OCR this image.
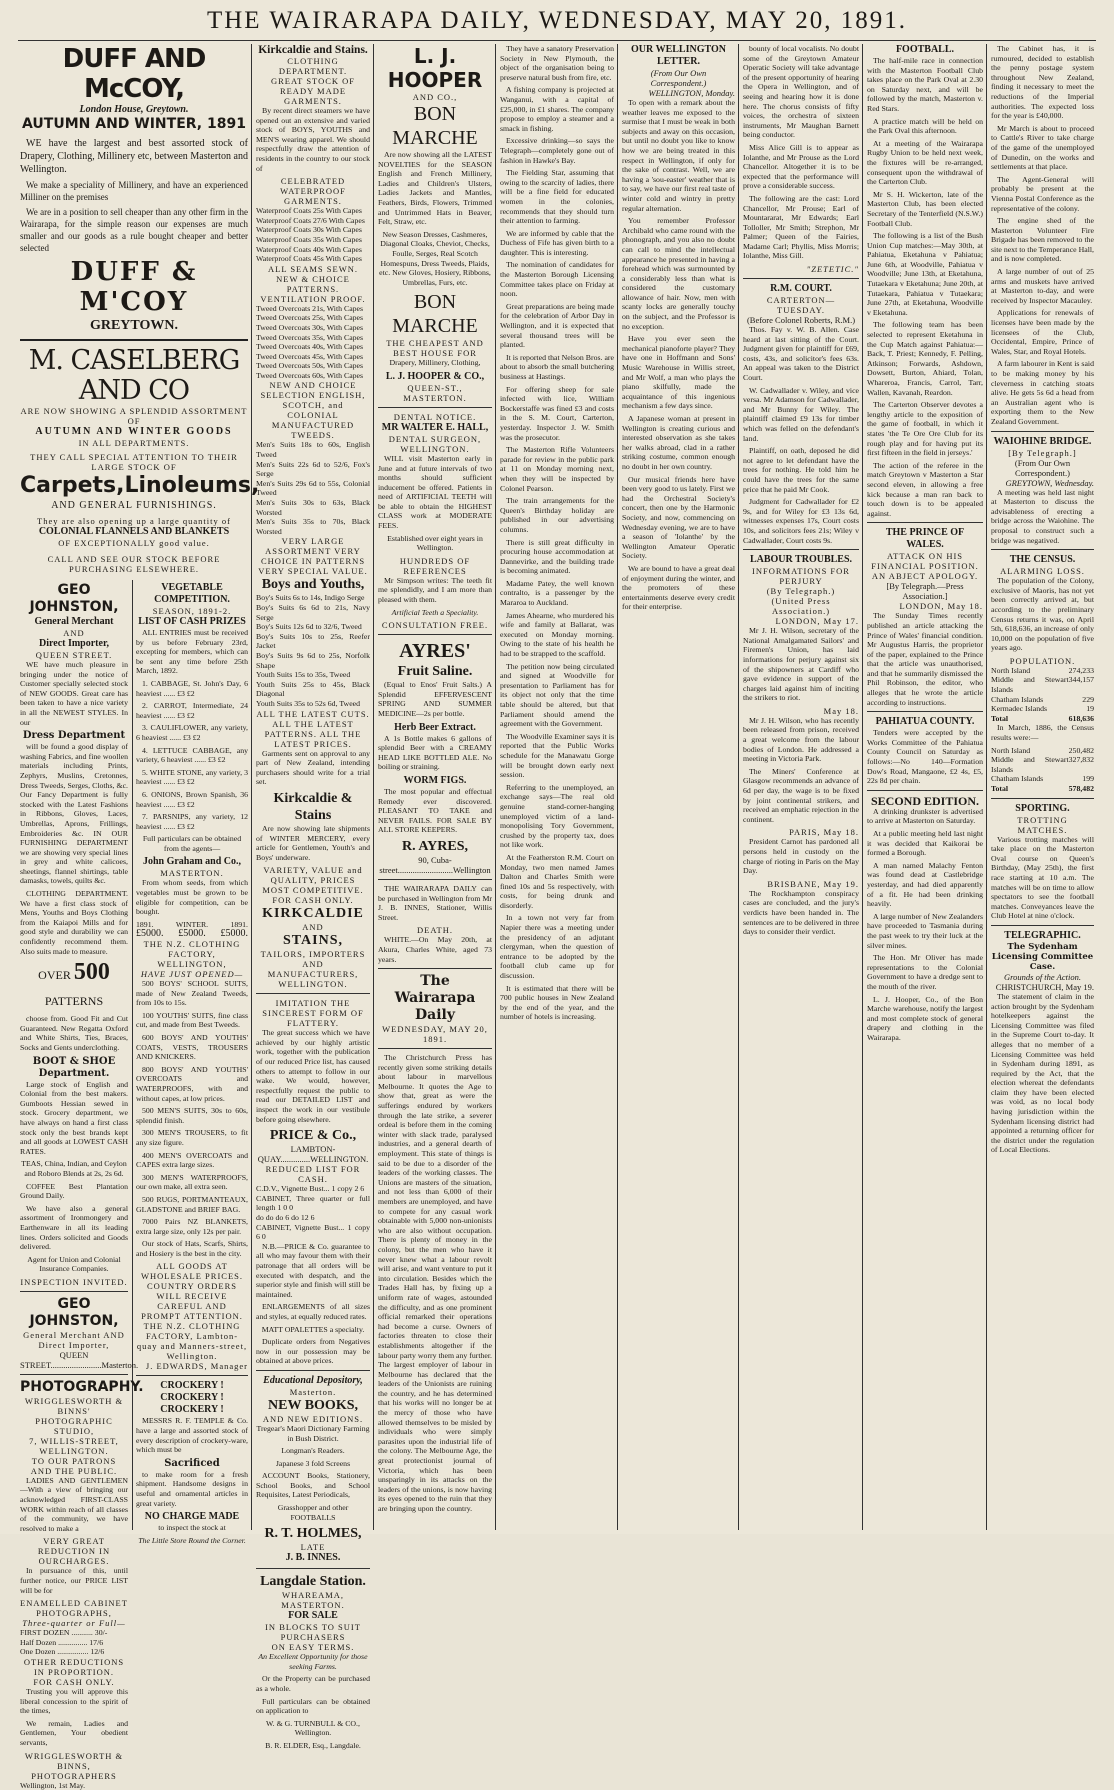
THE WAIRARAPA DAILY, WEDNESDAY, MAY 20, 1891.
DUFF AND McCOY,
London House, Greytown.
AUTUMN AND WINTER, 1891

WE have the largest and best assorted stock of Drapery, Clothing, Millinery etc, between Masterton and Wellington.

We make a speciality of Millinery, and have an experienced Milliner on the premises

We are in a position to sell cheaper than any other firm in the Wairarapa, for the simple reason our expenses are much smaller and our goods as a rule bought cheaper and better selected

DUFF & M'COY
GREYTOWN.
M. CASELBERG AND CO
ARE NOW SHOWING A SPLENDID ASSORTMENT OF
AUTUMN AND WINTER GOODS
IN ALL DEPARTMENTS.
THEY CALL SPECIAL ATTENTION TO THEIR LARGE STOCK OF
Carpets, Linoleums,
AND GENERAL FURNISHINGS.
They are also opening up a large quantity of
COLONIAL FLANNELS AND BLANKETS
OF EXCEPTIONALLY good value.
CALL AND SEE OUR STOCK BEFORE PURCHASING ELSEWHERE.
GEO JOHNSTON,
General Merchant
AND
Direct Importer,
QUEEN STREET.

WE have much pleasure in bringing under the notice of Customer specially selected stock of NEW GOODS. Great care has been taken to have a nice variety in all the NEWEST STYLES. In our

Dress Department

will be found a good display of washing Fabrics, and fine woollen materials including Prints, Zephyrs, Muslins, Cretonnes, Dress Tweeds, Serges, Cloths, &c. Our Fancy Department is fully stocked with the Latest Fashions in Ribbons, Gloves, Laces, Umbrellas, Aprons, Frillings, Embroideries &c. IN OUR FURNISHING DEPARTMENT we are showing very special lines in grey and white calicoes, sheetings, flannel shirtings, table damasks, towels, quilts &c.

CLOTHING DEPARTMENT. We have a first class stock of Mens, Youths and Boys Clothing from the Kaiapoi Mills and for good style and durability we can confidently recommend them. Also suits made to measure.

OVER 500 PATTERNS

choose from. Good Fit and Cut Guaranteed. New Regatta Oxford and White Shirts, Ties, Braces, Socks and Gents underclothing.

BOOT & SHOE Department.

Large stock of English and Colonial from the best makers. Gumboots Hessian sewed in stock. Grocery department, we have always on hand a first class stock only the best brands kept and all goods at LOWEST CASH RATES.

TEAS, China, Indian, and Ceylon and Roboro Blends at 2s, 2s 6d.

COFFEE Best Plantation Ground Daily.

We have also a general assortment of Ironmongery and Earthenware in all its leading lines. Orders solicited and Goods delivered.

Agent for Union and Colonial Insurance Companies.

INSPECTION INVITED.
GEO JOHNSTON,
General Merchant AND Direct Importer,
QUEEN STREET........................Masterton.
PHOTOGRAPHY.
WRIGGLESWORTH & BINNS'
PHOTOGRAPHIC STUDIO,
7, WILLIS-STREET, WELLINGTON.
TO OUR PATRONS AND THE PUBLIC.

LADIES AND GENTLEMEN—With a view of bringing our acknowledged FIRST-CLASS WORK within reach of all classes of the community, we have resolved to make a

VERY GREAT REDUCTION IN OURCHARGES.

In pursuance of this, until further notice, our PRICE LIST will be for

ENAMELLED CABINET PHOTOGRAPHS,
Three-quarter or Full—
FIRST DOZEN ........... 30/-
Half Dozen ............... 17/6
One Dozen ................ 12/6
OTHER REDUCTIONS IN PROPORTION.
FOR CASH ONLY.

Trusting you will approve this liberal concession to the spirit of the times,

We remain, Ladies and Gentlemen, Your obedient servants,

WRIGGLESWORTH & BINNS,
PHOTOGRAPHERS
Wellington, 1st May.
VEGETABLE COMPETITION.
SEASON, 1891-2.
LIST OF CASH PRIZES

ALL ENTRIES must be received by us before February 23rd, excepting for members, which can be sent any time before 25th March, 1892.

1. CABBAGE, St. John's Day, 6 heaviest ...... £3 £2

2. CARROT, Intermediate, 24 heaviest ...... £3 £2

3. CAULIFLOWER, any variety, 6 heaviest ...... £3 £2

4. LETTUCE CABBAGE, any variety, 6 heaviest ...... £3 £2

5. WHITE STONE, any variety, 3 heaviest ...... £3 £2

6. ONIONS, Brown Spanish, 36 heaviest ...... £3 £2

7. PARSNIPS, any variety, 12 heaviest ...... £3 £2

Full particulars can be obtained from the agents—

John Graham and Co.,
MASTERTON.

From whom seeds, from which vegetables must be grown to be eligible for competition, can be bought.

1891.	WINTER.	1891.
£5000. £5000. £5000.
THE N.Z. CLOTHING FACTORY, WELLINGTON,
HAVE JUST OPENED—

500 BOYS' SCHOOL SUITS, made of New Zealand Tweeds, from 10s to 15s.

100 YOUTHS' SUITS, fine class cut, and made from Best Tweeds.

600 BOYS' AND YOUTHS' COATS, VESTS, TROUSERS AND KNICKERS.

800 BOYS' AND YOUTHS' OVERCOATS and WATERPROOFS, with and without capes, at low prices.

500 MEN'S SUITS, 30s to 60s, splendid finish.

300 MEN'S TROUSERS, to fit any size figure.

400 MEN'S OVERCOATS and CAPES extra large sizes.

300 MEN'S WATERPROOFS, our own make, all extra seen.

500 RUGS, PORTMANTEAUX, GLADSTONE and BRIEF BAG.

7000 Pairs NZ BLANKETS, extra large size, only 12s per pair.

Our stock of Hats, Scarfs, Shirts, and Hosiery is the best in the city.

ALL GOODS AT WHOLESALE PRICES.
COUNTRY ORDERS WILL RECEIVE CAREFUL AND PROMPT ATTENTION.
THE N.Z. CLOTHING FACTORY, Lambton-quay and Manners-street, Wellington.
J. EDWARDS, Manager
CROCKERY ! CROCKERY ! CROCKERY !

MESSRS R. F. TEMPLE & Co. have a large and assorted stock of every description of crockery-ware, which must be

Sacrificed

to make room for a fresh shipment. Handsome designs in useful and ornamental articles in great variety.

NO CHARGE MADE

to inspect the stock at

The Little Store Round the Corner.

Kirkcaldie and Stains.
CLOTHING DEPARTMENT.
GREAT STOCK OF
READY MADE GARMENTS.

By recent direct steamers we have opened out an extensive and varied stock of BOYS, YOUTHS and MEN'S wearing apparel. We should respectfully draw the attention of residents in the country to our stock of

CELEBRATED WATERPROOF GARMENTS.
Waterproof Coats 25s With Capes
Waterproof Coats 27/6 With Capes
Waterproof Coats 30s With Capes
Waterproof Coats 35s With Capes
Waterproof Coats 40s With Capes
Waterproof Coats 45s With Capes
ALL SEAMS SEWN. NEW & CHOICE PATTERNS. VENTILATION PROOF.
Tweed Overcoats 21s, With Capes
Tweed Overcoats 25s, With Capes
Tweed Overcoats 30s, With Capes
Tweed Overcoats 35s, With Capes
Tweed Overcoats 40s, With Capes
Tweed Overcoats 45s, With Capes
Tweed Overcoats 50s, With Capes
Tweed Overcoats 60s, With Capes
NEW AND CHOICE SELECTION ENGLISH, SCOTCH, and COLONIAL MANUFACTURED TWEEDS.
Men's Suits 18s to 60s, English Tweed
Men's Suits 22s 6d to 52/6, Fox's Serge
Men's Suits 29s 6d to 55s, Colonial Tweed
Men's Suits 30s to 63s, Black Worsted
Men's Suits 35s to 70s, Black Worsted
VERY LARGE ASSORTMENT VERY CHOICE IN PATTERNS VERY SPECIAL VALUE.
Boys and Youths,
Boy's Suits 6s to 14s, Indigo Serge
Boy's Suits 6s 6d to 21s, Navy Serge
Boy's Suits 12s 6d to 32/6, Tweed
Boy's Suits 10s to 25s, Reefer Jacket
Boy's Suits 9s 6d to 25s, Norfolk Shape
Youth Suits 15s to 35s, Tweed
Youth Suits 25s to 45s, Black Diagonal
Youth Suits 35s to 52s 6d, Tweed
ALL THE LATEST CUTS. ALL THE LATEST PATTERNS. ALL THE LATEST PRICES.

Garments sent on approval to any part of New Zealand, intending purchasers should write for a trial set.

Kirkcaldie & Stains

Are now showing late shipments of WINTER MERCERY, every article for Gentlemen, Youth's and Boys' underware.

VARIETY, VALUE and QUALITY, PRICES MOST COMPETITIVE. FOR CASH ONLY.
KIRKCALDIE
AND
STAINS,
TAILORS, IMPORTERS AND MANUFACTURERS, WELLINGTON.
IMITATION THE SINCEREST FORM OF FLATTERY.

The great success which we have achieved by our highly artistic work, together with the publication of our reduced Price list, has caused others to attempt to follow in our wake. We would, however, respectfully request the public to read our DETAILED LIST and inspect the work in our vestibule before going elsewhere.

PRICE & Co.,
LAMBTON-QUAY..............WELLINGTON.
REDUCED LIST FOR CASH.
C.D.V., Vignette Bust... 1 copy 2 6
CABINET, Three quarter or full length 1 0 0
do do do 6 do 12 6
CABINET, Vignette Bust... 1 copy 6 0

N.B.—PRICE & Co. guarantee to all who may favour them with their patronage that all orders will be executed with despatch, and the superior style and finish will still be maintained.

ENLARGEMENTS of all sizes and styles, at equally reduced rates.

MATT OPALETTES a specialty.

Duplicate orders from Negatives now in our possession may be obtained at above prices.

Educational Depository,
Masterton.
NEW BOOKS,
AND NEW EDITIONS.

Tregear's Maori Dictionary Farming in Bush District.

Longman's Readers.

Japanese 3 fold Screens

ACCOUNT Books, Stationery, School Books, and School Requisites, Latest Periodicals,

Grasshopper and other FOOTBALLS

R. T. HOLMES,
LATE
J. B. INNES.
Langdale Station.
WHAREAMA, MASTERTON.
FOR SALE
IN BLOCKS TO SUIT PURCHASERS
ON EASY TERMS.

An Excellent Opportunity for those seeking Farms.

Or the Property can be purchased as a whole.

Full particulars can be obtained on application to

W. & G. TURNBULL & CO., Wellington.

B. R. ELDER, Esq., Langdale.

L. J. HOOPER
AND CO.,
BON MARCHE

Are now showing all the LATEST NOVELTIES for the SEASON English and French Millinery, Ladies and Children's Ulsters, Ladies Jackets and Mantles, Feathers, Birds, Flowers, Trimmed and Untrimmed Hats in Beaver, Felt, Straw, etc.

New Season Dresses, Cashmeres, Diagonal Cloaks, Cheviot, Checks, Foulle, Serges, Real Scotch Homespuns, Dress Tweeds, Plaids, etc. New Gloves, Hosiery, Ribbons, Umbrellas, Furs, etc.

BON MARCHE
THE CHEAPEST AND BEST HOUSE FOR

Drapery, Millinery, Clothing,

L. J. HOOPER & CO.,
QUEEN-ST., MASTERTON.
DENTAL NOTICE.
MR WALTER E. HALL,
DENTAL SURGEON,
WELLINGTON.

WILL visit Masterton early in June and at future intervals of two months should sufficient inducement be offered. Patients in need of ARTIFICIAL TEETH will be able to obtain the HIGHEST CLASS work at MODERATE FEES.

Established over eight years in Wellington.

HUNDREDS OF REFERENCES

Mr Simpson writes: The teeth fit me splendidly, and I am more than pleased with them.

Artificial Teeth a Speciality.

CONSULTATION FREE.
AYRES'
Fruit Saline.

(Equal to Enos' Fruit Salts.) A Splendid EFFERVESCENT SPRING AND SUMMER MEDICINE—2s per bottle.

Herb Beer Extract.

A 1s Bottle makes 6 gallons of splendid Beer with a CREAMY HEAD LIKE BOTTLED ALE. No boiling or straining.

WORM FIGS.

The most popular and effectual Remedy ever discovered. PLEASANT TO TAKE and NEVER FAILS. FOR SALE BY ALL STORE KEEPERS.

R. AYRES,
90, Cuba-street..........................Wellington

THE WAIRARAPA DAILY can be purchased in Wellington from Mr J. B. INNES, Stationer, Willis Street.

DEATH.

WHITE.—On May 20th, at Akura, Charles White, aged 73 years.

The Wairarapa Daily
WEDNESDAY, MAY 20, 1891.

The Christchurch Press has recently given some striking details about labour in marvellous Melbourne. It quotes the Age to show that, great as were the sufferings endured by workers through the late strike, a severer ordeal is before them in the coming winter with slack trade, paralysed industries, and a general dearth of employment. This state of things is said to be due to a disorder of the leaders of the working classes. The Unions are masters of the situation, and not less than 6,000 of their members are unemployed, and have to compete for any casual work obtainable with 5,000 non-unionists who are also without occupation. There is plenty of money in the colony, but the men who have it never knew what a labour revolt will arise, and want venture to put it into circulation. Besides which the Trades Hall has, by fixing up a uniform rate of wages, astounded the difficulty, and as one prominent official remarked their operations had become a curse. Owners of factories threaten to close their establishments altogether if the labour party worry them any further. The largest employer of labour in Melbourne has declared that the leaders of the Unionists are ruining the country, and he has determined that his works will no longer be at the mercy of those who have allowed themselves to be misled by individuals who were simply parasites upon the industrial life of the colony. The Melbourne Age, the great protectionist journal of Victoria, which has been unsparingly in its attacks on the leaders of the unions, is now having its eyes opened to the ruin that they are bringing upon the country.

They have a sanatory Preservation Society in New Plymouth, the object of the organisation being to preserve natural bush from fire, etc.

A fishing company is projected at Wanganui, with a capital of £25,000, in £1 shares. The company propose to employ a steamer and a smack in fishing.

Excessive drinking—so says the Telegraph—completely gone out of fashion in Hawke's Bay.

The Fielding Star, assuming that owing to the scarcity of ladies, there will be a fine field for educated women in the colonies, recommends that they should turn their attention to farming.

We are informed by cable that the Duchess of Fife has given birth to a daughter. This is interesting.

The nomination of candidates for the Masterton Borough Licensing Committee takes place on Friday at noon.

Great preparations are being made for the celebration of Arbor Day in Wellington, and it is expected that several thousand trees will be planted.

It is reported that Nelson Bros. are about to absorb the small butchering business at Hastings.

For offering sheep for sale infected with lice, William Bockerstaffe was fined £3 and costs in the S. M. Court, Carterton, yesterday. Inspector J. W. Smith was the prosecutor.

The Masterton Rifle Volunteers parade for review in the public park at 11 on Monday morning next, when they will be inspected by Colonel Pearson.

The train arrangements for the Queen's Birthday holiday are published in our advertising columns.

There is still great difficulty in procuring house accommodation at Dannevirke, and the building trade is becoming animated.

Madame Patey, the well known contralto, is a passenger by the Mararoa to Auckland.

James Ahearne, who murdered his wife and family at Ballarat, was executed on Monday morning. Owing to the state of his health he had to be strapped to the scaffold.

The petition now being circulated and signed at Woodville for presentation to Parliament has for its object not only that the time table should be altered, but that Parliament should amend the agreement with the Government.

The Woodville Examiner says it is reported that the Public Works schedule for the Manawatu Gorge will be brought down early next session.

Referring to the unemployed, an exchange says—The real old genuine stand-corner-hanging unemployed victim of a land-monopolising Tory Government, crushed by the property tax, does not like work.

At the Featherston R.M. Court on Monday, two men named James Dalton and Charles Smith were fined 10s and 5s respectively, with costs, for being drunk and disorderly.

In a town not very far from Napier there was a meeting under the presidency of an adjutant clergyman, when the question of entrance to be adopted by the football club came up for discussion.

It is estimated that there will be 700 public houses in New Zealand by the end of the year, and the number of hotels is increasing.

OUR WELLINGTON LETTER.
(From Our Own Correspondent.)
WELLINGTON, Monday.

To open with a remark about the weather leaves me exposed to the surmise that I must be weak in both subjects and away on this occasion, but until no doubt you like to know how we are being treated in this respect in Wellington, if only for the sake of contrast. Well, we are having a 'sou-easter' weather that is to say, we have our first real taste of winter cold and wintry in pretty regular alternation.

You remember Professor Archibald who came round with the phonograph, and you also no doubt can call to mind the intellectual appearance he presented in having a forehead which was surmounted by a considerably less than what is considered the customary allowance of hair. Now, men with scanty locks are generally touchy on the subject, and the Professor is no exception.

Have you ever seen the mechanical pianoforte player? They have one in Hoffmann and Sons' Music Warehouse in Willis street, and Mr Wolf, a man who plays the piano skilfully, made the acquaintance of this ingenious mechanism a few days since.

A Japanese woman at present in Wellington is creating curious and interested observation as she takes her walks abroad, clad in a rather striking costume, common enough no doubt in her own country.

Our musical friends here have been very good to us lately. First we had the Orchestral Society's concert, then one by the Harmonic Society, and now, commencing on Wednesday evening, we are to have a season of 'Iolanthe' by the Wellington Amateur Operatic Society.

We are bound to have a great deal of enjoyment during the winter, and the promoters of these entertainments deserve every credit for their enterprise.

bounty of local vocalists. No doubt some of the Greytown Amateur Operatic Society will take advantage of the present opportunity of hearing the Opera in Wellington, and of seeing and hearing how it is done here. The chorus consists of fifty voices, the orchestra of sixteen instruments, Mr Maughan Barnett being conductor.

Miss Alice Gill is to appear as Iolanthe, and Mr Prouse as the Lord Chancellor. Altogether it is to be expected that the performance will prove a considerable success.

The following are the cast: Lord Chancellor, Mr Prouse; Earl of Mountararat, Mr Edwards; Earl Tolloller, Mr Smith; Strephon, Mr Palmer; Queen of the Fairies, Madame Carl; Phyllis, Miss Morris; Iolanthe, Miss Gill.

"ZETETIC."
R.M. COURT.
CARTERTON—TUESDAY.
(Before Colonel Roberts, R.M.)

Thos. Fay v. W. B. Allen. Case heard at last sitting of the Court. Judgment given for plaintiff for £69, costs, 43s, and solicitor's fees 63s. An appeal was taken to the District Court.

W. Cadwallader v. Wiley, and vice versa. Mr Adamson for Cadwallader, and Mr Bunny for Wiley. The plaintiff claimed £9 13s for timber which was felled on the defendant's land.

Plaintiff, on oath, deposed he did not agree to let defendant have the trees for nothing. He told him he could have the trees for the same price that he paid Mr Cook.

Judgment for Cadwallader for £2 9s, and for Wiley for £3 13s 6d, witnesses expenses 17s, Court costs 10s, and solicitors fees 21s; Wiley v Cadwallader, Court costs 9s.

LABOUR TROUBLES.
INFORMATIONS FOR PERJURY
(By Telegraph.)
(United Press Association.)
LONDON, May 17.

Mr J. H. Wilson, secretary of the National Amalgamated Sailors' and Firemen's Union, has laid informations for perjury against six of the shipowners at Cardiff who gave evidence in support of the charges laid against him of inciting the strikers to riot.

May 18.

Mr J. H. Wilson, who has recently been released from prison, received a great welcome from the labour bodies of London. He addressed a meeting in Victoria Park.

The Miners' Conference at Glasgow recommends an advance of 6d per day, the wage is to be fixed by joint continental strikers, and received an emphatic rejection in the continent.

PARIS, May 18.

President Carnot has pardoned all persons held in custody on the charge of rioting in Paris on the May Day.

BRISBANE, May 19.

The Rockhampton conspiracy cases are concluded, and the jury's verdicts have been handed in. The sentences are to be delivered in three days to consider their verdict.

FOOTBALL.

The half-mile race in connection with the Masterton Football Club takes place on the Park Oval at 2.30 on Saturday next, and will be followed by the match, Masterton v. Red Stars.

A practice match will be held on the Park Oval this afternoon.

At a meeting of the Wairarapa Rugby Union to be held next week, the fixtures will be re-arranged, consequent upon the withdrawal of the Carterton Club.

Mr S. H. Wickerton, late of the Masterton Club, has been elected Secretary of the Tenterfield (N.S.W.) Football Club.

The following is a list of the Bush Union Cup matches:—May 30th, at Pahiatua, Eketahuna v Pahiatua; June 6th, at Woodville, Pahiatua v Woodville; June 13th, at Eketahuna, Tutaekara v Eketahuna; June 20th, at Tutaekara, Pahiatua v Tutaekara; June 27th, at Eketahuna, Woodville v Eketahuna.

The following team has been selected to represent Eketahuna in the Cup Match against Pahiatua:—Back, T. Priest; Kennedy, F. Pelling, Atkinson; Forwards, Ashdown, Dowsett, Burton, Ahiard, Tolan, Whareroa, Francis, Carrol, Tarr, Wallen, Kavanah, Reardon.

The Carterton Observer devotes a lengthy article to the exposition of the game of football, in which it states 'the Te Ore Ore Club for its rough play and for having put its first fifteen in the field in jerseys.'

The action of the referee in the match Greytown v Masterton a Star second eleven, in allowing a free kick because a man ran back to touch down is to be appealed against.

THE PRINCE OF WALES.
ATTACK ON HIS FINANCIAL POSITION.
AN ABJECT APOLOGY.
[By Telegraph.—Press Association.]
LONDON, May 18.

The Sunday Times recently published an article attacking the Prince of Wales' financial condition. Mr Augustus Harris, the proprietor of the paper, explained to the Prince that the article was unauthorised, and that he summarily dismissed the Phil Robinson, the editor, who alleges that he wrote the article according to instructions.

PAHIATUA COUNTY.

Tenders were accepted by the Works Committee of the Pahiatua County Council on Saturday as follows:—No 140—Formation Dow's Road, Mangaone, £2 4s, £5, 22s 8d per chain.

SECOND EDITION.

A drinking drunkster is advertised to arrive at Masterton on Saturday.

At a public meeting held last night it was decided that Kaikorai be formed a Borough.

A man named Malachy Fenton was found dead at Castlebridge yesterday, and had died apparently of a fit. He had been drinking heavily.

A large number of New Zealanders have proceeded to Tasmania during the past week to try their luck at the silver mines.

The Hon. Mr Oliver has made representations to the Colonial Government to have a dredge sent to the mouth of the river.

L. J. Hooper, Co., of the Bon Marche warehouse, notify the largest and most complete stock of general drapery and clothing in the Wairarapa.

The Cabinet has, it is rumoured, decided to establish the penny postage system throughout New Zealand, finding it necessary to meet the reductions of the Imperial authorities. The expected loss for the year is £40,000.

Mr March is about to proceed to Cattle's River to take charge of the game of the unemployed of Dunedin, on the works and settlements at that place.

The Agent-General will probably be present at the Vienna Postal Conference as the representative of the colony.

The engine shed of the Masterton Volunteer Fire Brigade has been removed to the site next to the Temperance Hall, and is now completed.

A large number of out of 25 arms and muskets have arrived at Masterton to-day, and were received by Inspector Macauley.

Applications for renewals of licenses have been made by the licensees of the Club, Occidental, Empire, Prince of Wales, Star, and Royal Hotels.

A farm labourer in Kent is said to be making money by his cleverness in catching stoats alive. He gets 5s 6d a head from an Australian agent who is exporting them to the New Zealand Government.

WAIOHINE BRIDGE.
[By Telegraph.]
(From Our Own Correspondent.)
GREYTOWN, Wednesday.

A meeting was held last night at Masterton to discuss the advisableness of erecting a bridge across the Waiohine. The proposal to construct such a bridge was negatived.

THE CENSUS.
ALARMING LOSS.

The population of the Colony, exclusive of Maoris, has not yet been correctly arrived at, but according to the preliminary Census returns it was, on April 5th, 618,636, an increase of only 10,000 on the population of five years ago.

POPULATION.
North Island	274,233
Middle and Stewart Islands
344,157
Chatham Islands	229
Kermadec Islands	19
Total	618,636

In March, 1886, the Census results were:—

North Island	250,482
Middle and Stewart Islands
327,832
Chatham Islands	199
Total	578,482
SPORTING.
TROTTING MATCHES.

Various trotting matches will take place on the Masterton Oval course on Queen's Birthday, (May 25th), the first race starting at 10 a.m. The matches will be on time to allow spectators to see the football matches. Conveyances leave the Club Hotel at nine o'clock.

TELEGRAPHIC.
The Sydenham Licensing Committee Case.
Grounds of the Action.
CHRISTCHURCH, May 19.

The statement of claim in the action brought by the Sydenham hotelkeepers against the Licensing Committee was filed in the Supreme Court to-day. It alleges that no member of a Licensing Committee was held in Sydenham during 1891, as required by the Act, that the election whereat the defendants claim they have been elected was void, as no local body having jurisdiction within the Sydenham licensing district had appointed a returning officer for the district under the regulation of Local Elections.
